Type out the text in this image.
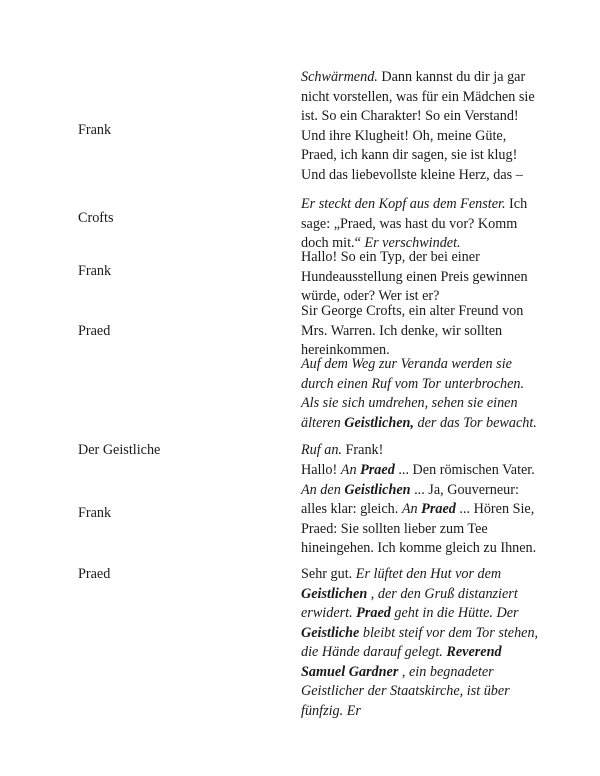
Frank
Schwärmend. Dann kannst du dir ja gar nicht vorstellen, was für ein Mädchen sie ist. So ein Charakter! So ein Verstand! Und ihre Klugheit! Oh, meine Güte, Praed, ich kann dir sagen, sie ist klug! Und das liebevollste kleine Herz, das –
Crofts
Er steckt den Kopf aus dem Fenster. Ich sage: „Praed, was hast du vor? Komm doch mit.“ Er verschwindet.
Frank
Hallo! So ein Typ, der bei einer Hundeausstellung einen Preis gewinnen würde, oder? Wer ist er?
Praed
Sir George Crofts, ein alter Freund von Mrs. Warren. Ich denke, wir sollten hereinkommen.
Auf dem Weg zur Veranda werden sie durch einen Ruf vom Tor unterbrochen. Als sie sich umdrehen, sehen sie einen älteren Geistlichen, der das Tor bewacht.
Der Geistliche	Ruf an. Frank!
Frank
Hallo! An Praed ... Den römischen Vater. An den Geistlichen ... Ja, Gouverneur: alles klar: gleich. An Praed ... Hören Sie, Praed: Sie sollten lieber zum Tee hineingehen. Ich komme gleich zu Ihnen.
Praed	Sehr gut. Er lüftet den Hut vor dem Geistlichen , der den Gruß distanziert erwidert. Praed geht in die Hütte. Der Geistliche bleibt steif vor dem Tor stehen, die Hände darauf gelegt. Reverend Samuel Gardner , ein begnadeter Geistlicher der Staatskirche, ist über fünfzig. Er
